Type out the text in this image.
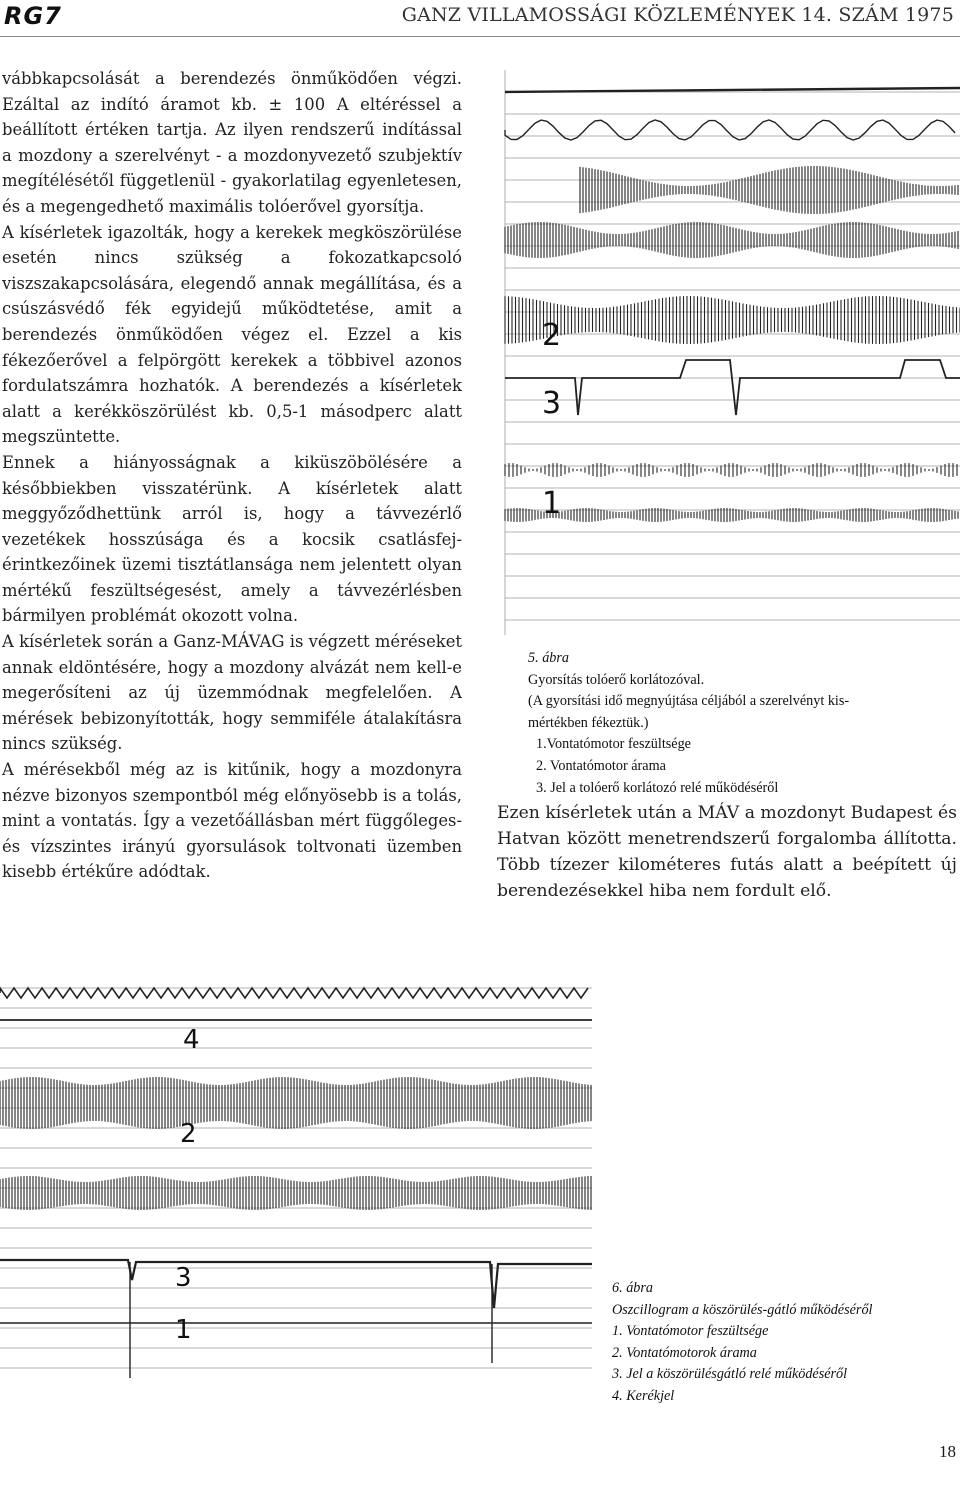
RG7	GANZ VILLAMOSSÁGI KÖZLEMÉNYEK 14. SZÁM 1975

vábbkapcsolását a berendezés önműködően végzi. Ezáltal az indító áramot kb. ± 100 A eltéréssel a beállított értéken tartja. Az ilyen rendszerű indítással a mozdony a szerelvényt - a mozdonyvezető szubjektív megítélésétől függetlenül - gyakorlatilag egyenletesen, és a megengedhető maximális tolóerővel gyorsítja.

A kísérletek igazolták, hogy a kerekek megköszörülése esetén nincs szükség a fokozatkapcsoló viszszakapcsolására, elegendő annak megállítása, és a csúszásvédő fék egyidejű működtetése, amit a berendezés önműködően végez el. Ezzel a kis fékezőerővel a felpörgött kerekek a többivel azonos fordulatszámra hozhatók. A berendezés a kísérletek alatt a kerékköszörülést kb. 0,5-1 másodperc alatt megszüntette.

Ennek a hiányosságnak a kiküszöbölésére a későbbiekben visszatérünk. A kísérletek alatt meggyőződhettünk arról is, hogy a távvezérlő vezetékek hosszúsága és a kocsik csatlásfej-érintkezőinek üzemi tisztátlansága nem jelentett olyan mértékű feszültségesést, amely a távvezérlésben bármilyen problémát okozott volna.

A kísérletek során a Ganz-MÁVAG is végzett méréseket annak eldöntésére, hogy a mozdony alvázát nem kell-e megerősíteni az új üzemmódnak megfelelően. A mérések bebizonyították, hogy semmiféle átalakításra nincs szükség.

A mérésekből még az is kitűnik, hogy a mozdonyra nézve bizonyos szempontból még előnyösebb is a tolás, mint a vontatás. Így a vezetőállásban mért függőleges- és vízszintes irányú gyorsulások toltvonati üzemben kisebb értékűre adódtak.

2
3
1
5. ábra
Gyorsítás tolóerő korlátozóval.
(A gyorsítási idő megnyújtása céljából a szerelvényt kis-
mértékben fékeztük.)
1.Vontatómotor feszültsége
2. Vontatómotor árama
3. Jel a tolóerő korlátozó relé működéséről

Ezen kísérletek után a MÁV a mozdonyt Budapest és Hatvan között menetrendszerű forgalomba állította. Több tízezer kilométeres futás alatt a beépített új berendezésekkel hiba nem fordult elő.

4
2
3
1
6. ábra
Oszcillogram a köszörülés-gátló működéséről
1. Vontatómotor feszültsége
2. Vontatómotorok árama
3. Jel a köszörülésgátló relé működéséről
4. Kerékjel
18
